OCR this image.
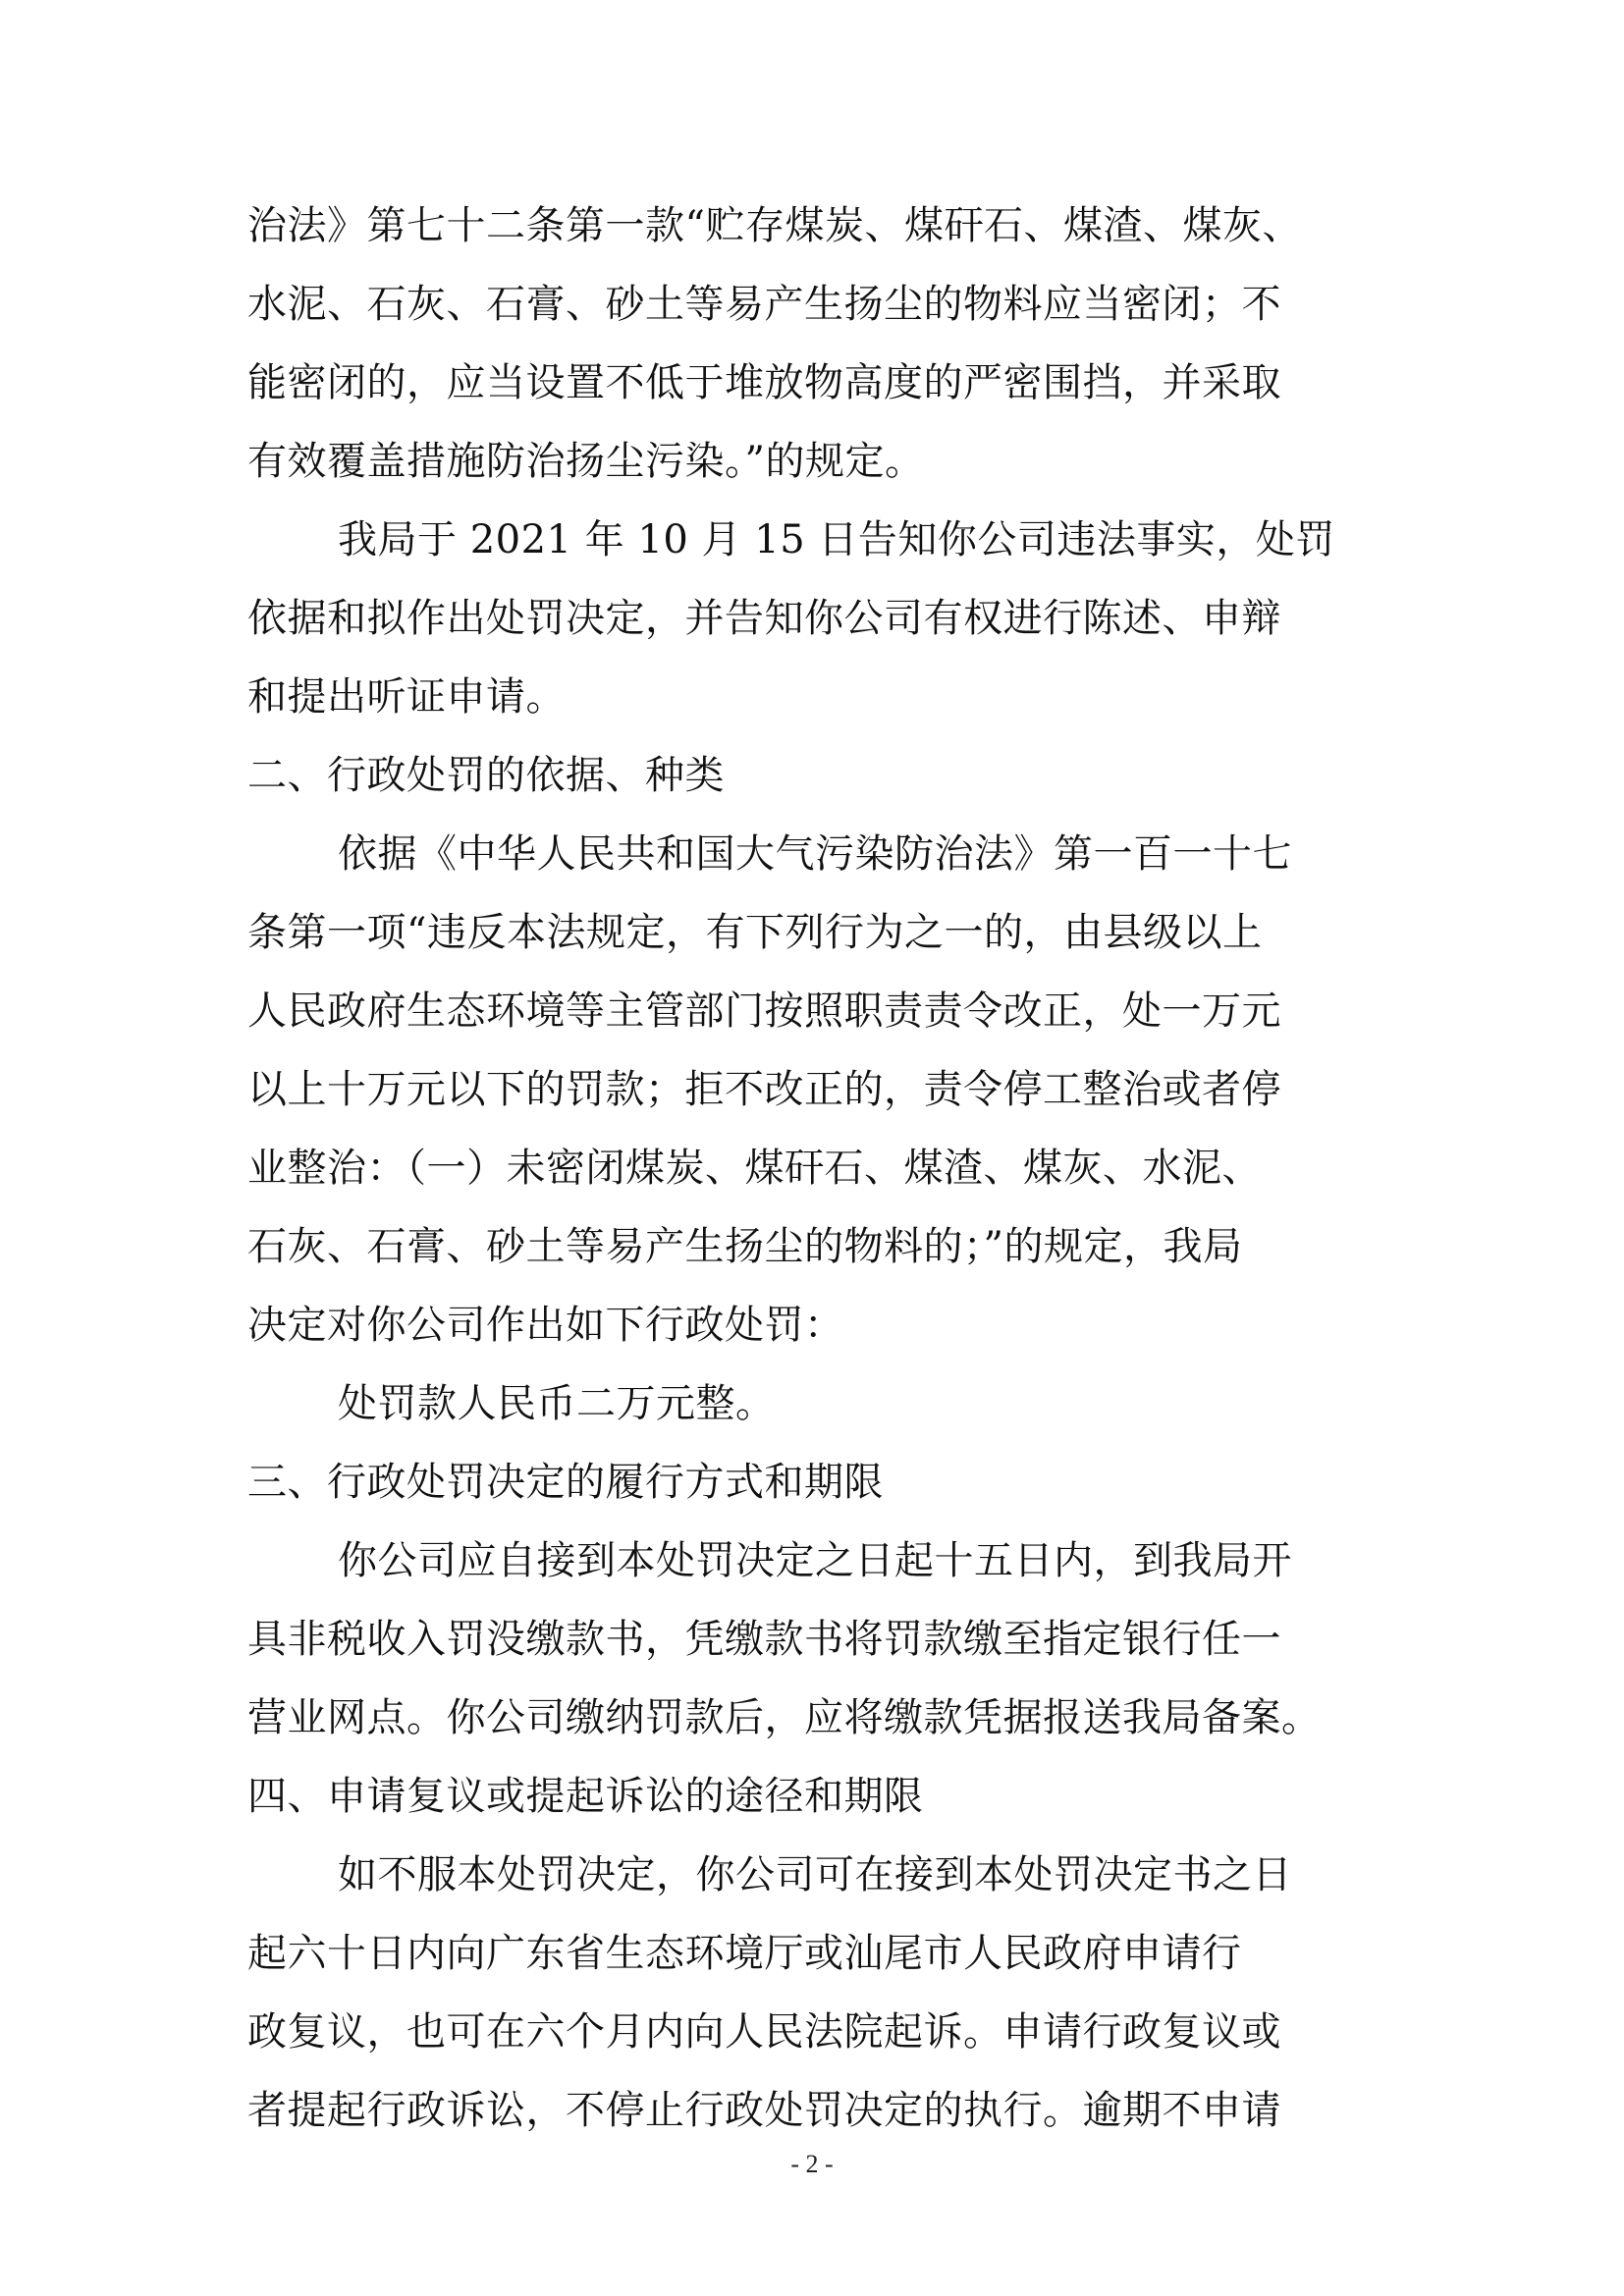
治法》第七十二条第一款“贮存煤炭、煤矸石、煤渣、煤灰、
水泥、石灰、石膏、砂土等易产生扬尘的物料应当密闭；不
能密闭的，应当设置不低于堆放物高度的严密围挡，并采取
有效覆盖措施防治扬尘污染。”的规定。
我局于 2021 年 10 月 15 日告知你公司违法事实，处罚
依据和拟作出处罚决定，并告知你公司有权进行陈述、申辩
和提出听证申请。
二、行政处罚的依据、种类
依据《中华人民共和国大气污染防治法》第一百一十七
条第一项“违反本法规定，有下列行为之一的，由县级以上
人民政府生态环境等主管部门按照职责责令改正，处一万元
以上十万元以下的罚款；拒不改正的，责令停工整治或者停
业整治：（一）未密闭煤炭、煤矸石、煤渣、煤灰、水泥、
石灰、石膏、砂土等易产生扬尘的物料的；”的规定，我局
决定对你公司作出如下行政处罚：
处罚款人民币二万元整。
三、行政处罚决定的履行方式和期限
你公司应自接到本处罚决定之日起十五日内，到我局开
具非税收入罚没缴款书，凭缴款书将罚款缴至指定银行任一
营业网点。你公司缴纳罚款后，应将缴款凭据报送我局备案。
四、申请复议或提起诉讼的途径和期限
如不服本处罚决定，你公司可在接到本处罚决定书之日
起六十日内向广东省生态环境厅或汕尾市人民政府申请行
政复议，也可在六个月内向人民法院起诉。申请行政复议或
者提起行政诉讼，不停止行政处罚决定的执行。逾期不申请
- 2 -
